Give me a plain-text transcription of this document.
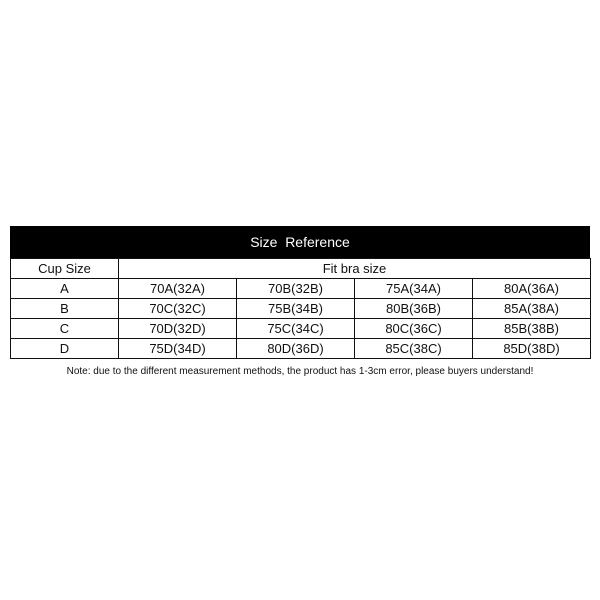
Size  Reference
Cup Size	Fit bra size			
A	70A(32A)	70B(32B)	75A(34A)	80A(36A)
B	70C(32C)	75B(34B)	80B(36B)	85A(38A)
C	70D(32D)	75C(34C)	80C(36C)	85B(38B)
D	75D(34D)	80D(36D)	85C(38C)	85D(38D)
Note: due to the different measurement methods, the product has 1-3cm error, please buyers understand!
